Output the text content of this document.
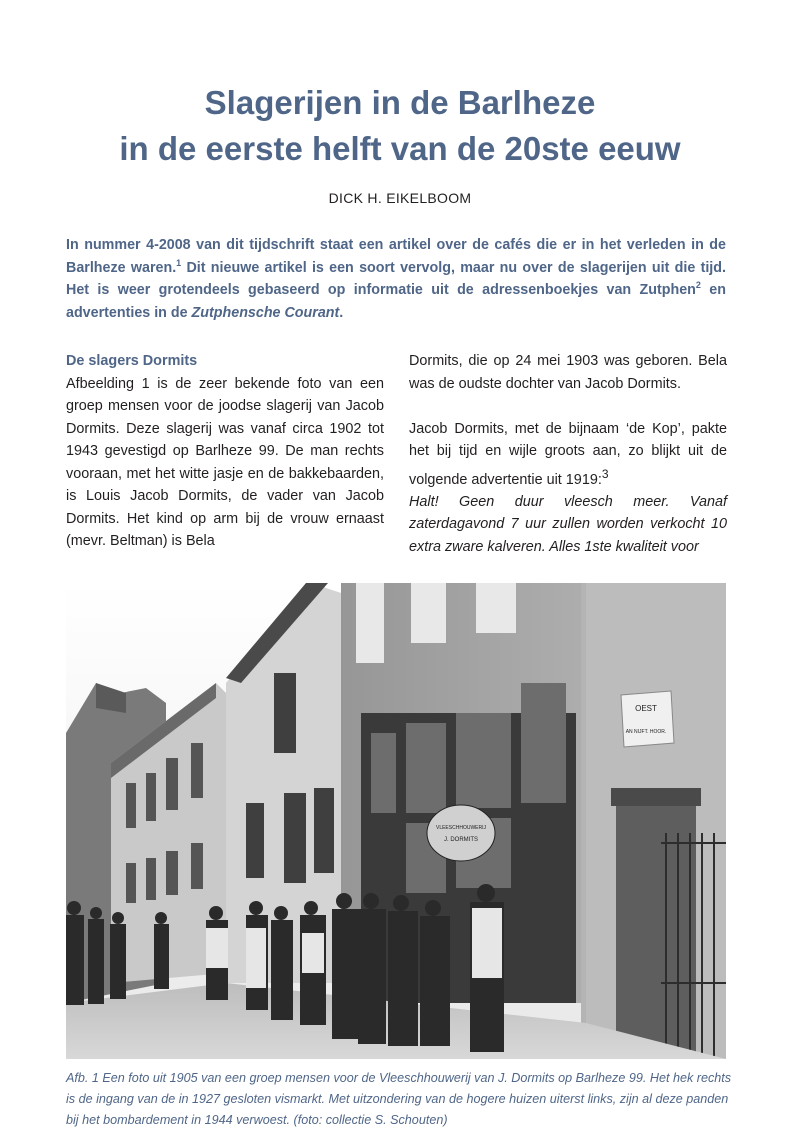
Slagerijen in de Barlheze
in de eerste helft van de 20ste eeuw
DICK H. EIKELBOOM
In nummer 4-2008 van dit tijdschrift staat een artikel over de cafés die er in het verleden in de Barlheze waren.$^1$ Dit nieuwe artikel is een soort vervolg, maar nu over de slagerijen uit die tijd. Het is weer grotendeels gebaseerd op informatie uit de adressenboekjes van Zutphen$^2$ en advertenties in de Zutphensche Courant.

De slagers Dormits

Afbeelding 1 is de zeer bekende foto van een groep mensen voor de joodse slagerij van Jacob Dormits. Deze slagerij was vanaf circa 1902 tot 1943 gevestigd op Barlheze 99. De man rechts vooraan, met het witte jasje en de bakkebaarden, is Louis Jacob Dormits, de vader van Jacob Dormits. Het kind op arm bij de vrouw ernaast (mevr. Beltman) is Bela

Dormits, die op 24 mei 1903 was geboren. Bela was de oudste dochter van Jacob Dormits.

Jacob Dormits, met de bijnaam ‘de Kop’, pakte het bij tijd en wijle groots aan, zo blijkt uit de volgende advertentie uit 1919:$^3$

Halt! Geen duur vleesch meer. Vanaf zaterdagavond 7 uur zullen worden verkocht 10 extra zware kalveren. Alles 1ste kwaliteit voor

VLEESCHHOUWERIJ
J. DORMITS
OEST
AN NIJFT. HOOR.
Afb. 1 Een foto uit 1905 van een groep mensen voor de Vleeschhouwerij van J. Dormits op Barlheze 99. Het hek rechts is de ingang van de in 1927 gesloten vismarkt. Met uitzondering van de hogere huizen uiterst links, zijn al deze panden bij het bombardement in 1944 verwoest. (foto: collectie S. Schouten)
